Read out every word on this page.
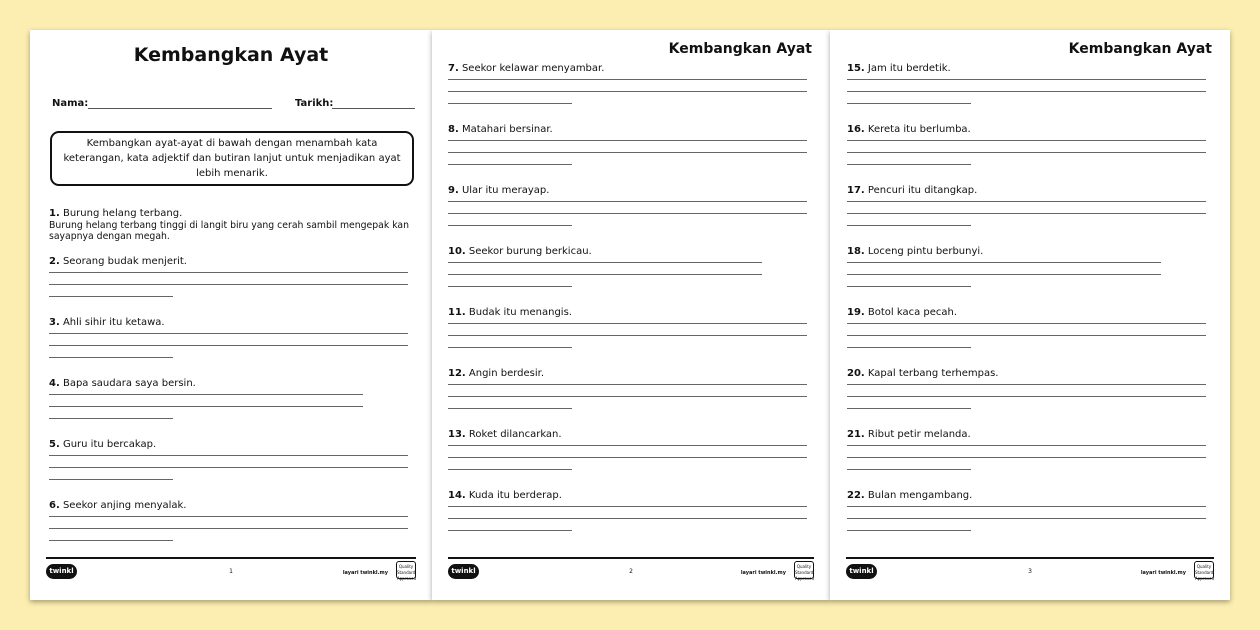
Kembangkan Ayat
Nama:	Tarikh:
Kembangkan ayat-ayat di bawah dengan menambah kata keterangan, kata adjektif dan butiran lanjut untuk menjadikan ayat lebih menarik.
1. Burung helang terbang.
Burung helang terbang tinggi di langit biru yang cerah sambil mengepak kan sayapnya dengan megah.
2. Seorang budak menjerit.
3. Ahli sihir itu ketawa.
4. Bapa saudara saya bersin.
5. Guru itu bercakap.
6. Seekor anjing menyalak.
twinkl	1	layari twinkl.my
Quality Standard Approved
Kembangkan Ayat
7. Seekor kelawar menyambar.
8. Matahari bersinar.
9. Ular itu merayap.
10. Seekor burung berkicau.
11. Budak itu menangis.
12. Angin berdesir.
13. Roket dilancarkan.
14. Kuda itu berderap.
twinkl	2	layari twinkl.my
Quality Standard Approved
Kembangkan Ayat
15. Jam itu berdetik.
16. Kereta itu berlumba.
17. Pencuri itu ditangkap.
18. Loceng pintu berbunyi.
19. Botol kaca pecah.
20. Kapal terbang terhempas.
21. Ribut petir melanda.
22. Bulan mengambang.
twinkl	3	layari twinkl.my
Quality Standard Approved
